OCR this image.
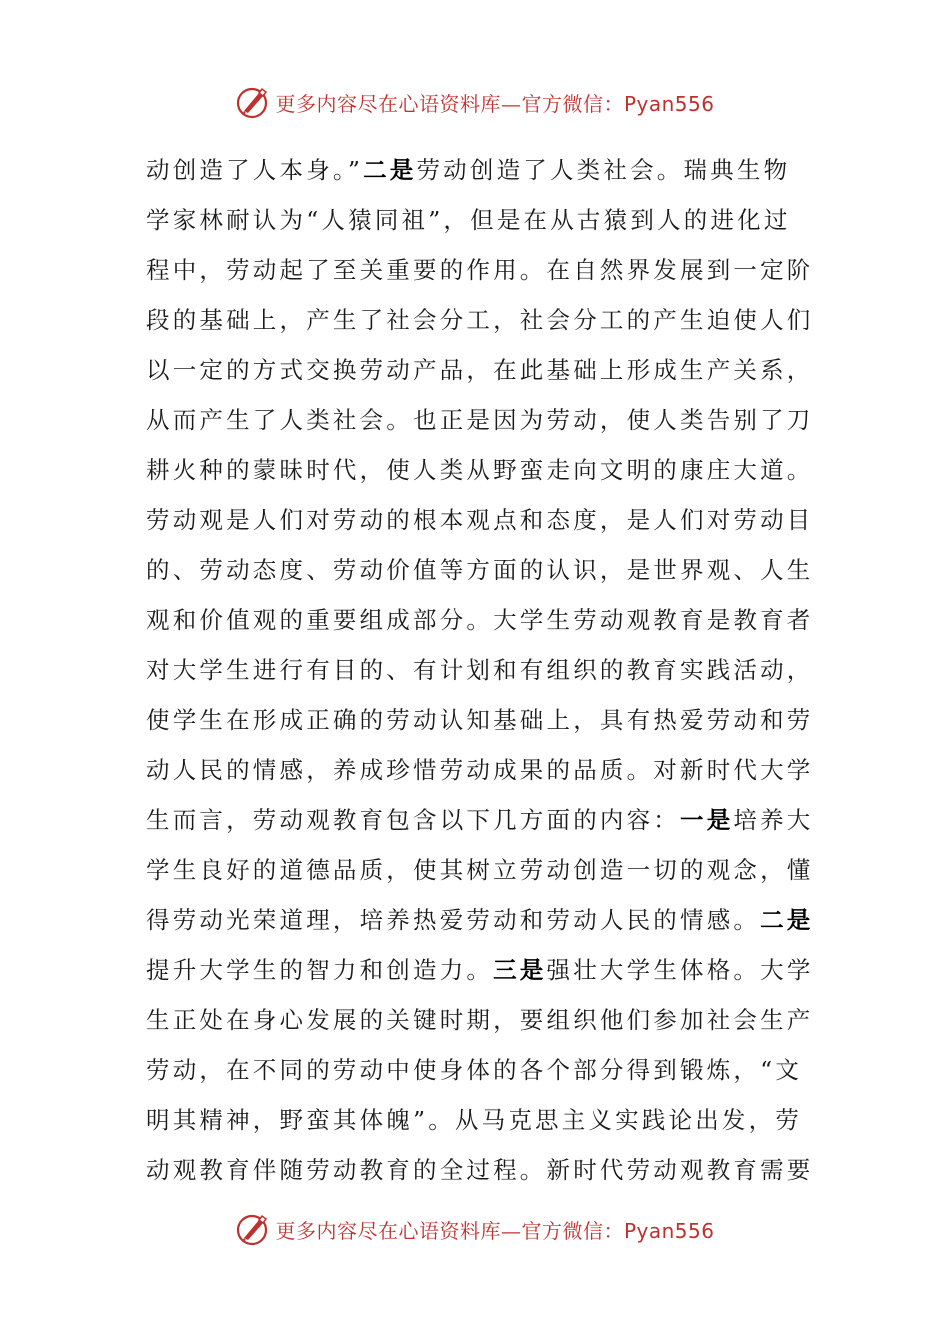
更多内容尽在心语资料库—官方微信：Pyan556
动创造了人本身。”二是劳动创造了人类社会。瑞典生物
学家林耐认为“人猿同祖”，但是在从古猿到人的进化过
程中，劳动起了至关重要的作用。在自然界发展到一定阶
段的基础上，产生了社会分工，社会分工的产生迫使人们
以一定的方式交换劳动产品，在此基础上形成生产关系，
从而产生了人类社会。也正是因为劳动，使人类告别了刀
耕火种的蒙昧时代，使人类从野蛮走向文明的康庄大道。
劳动观是人们对劳动的根本观点和态度，是人们对劳动目
的、劳动态度、劳动价值等方面的认识，是世界观、人生
观和价值观的重要组成部分。大学生劳动观教育是教育者
对大学生进行有目的、有计划和有组织的教育实践活动，
使学生在形成正确的劳动认知基础上，具有热爱劳动和劳
动人民的情感，养成珍惜劳动成果的品质。对新时代大学
生而言，劳动观教育包含以下几方面的内容：一是培养大
学生良好的道德品质，使其树立劳动创造一切的观念，懂
得劳动光荣道理，培养热爱劳动和劳动人民的情感。二是
提升大学生的智力和创造力。三是强壮大学生体格。大学
生正处在身心发展的关键时期，要组织他们参加社会生产
劳动，在不同的劳动中使身体的各个部分得到锻炼，“文
明其精神，野蛮其体魄”。从马克思主义实践论出发，劳
动观教育伴随劳动教育的全过程。新时代劳动观教育需要
更多内容尽在心语资料库—官方微信：Pyan556
